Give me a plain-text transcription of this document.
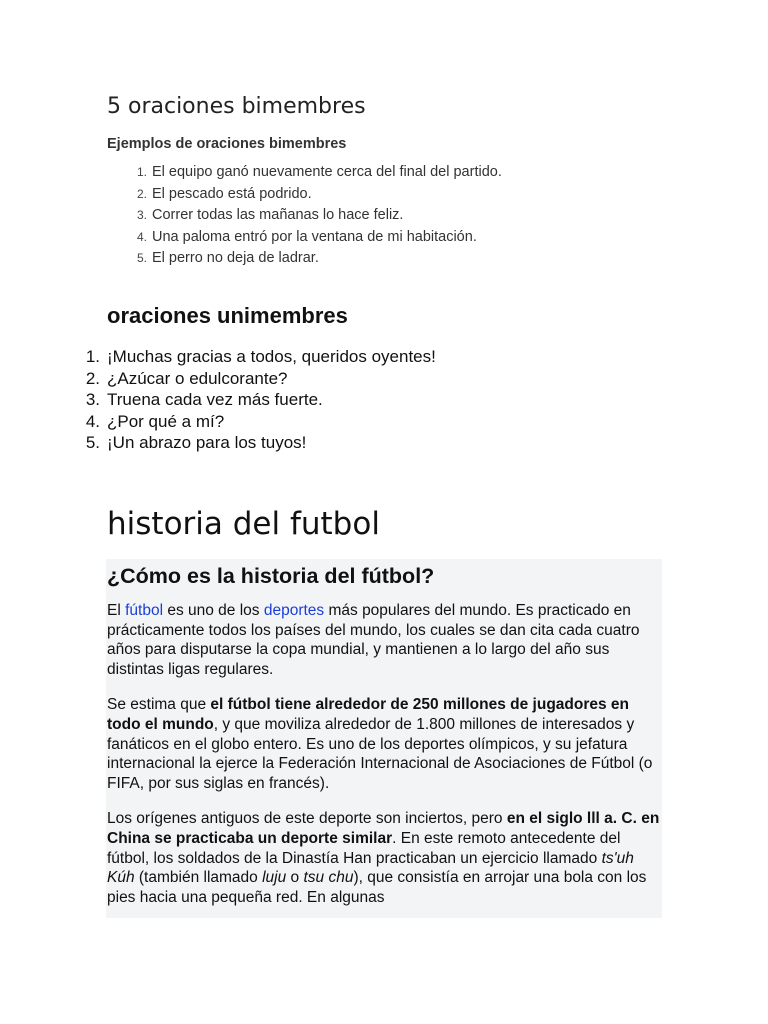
5 oraciones bimembres
Ejemplos de oraciones bimembres
1. El equipo ganó nuevamente cerca del final del partido.
2. El pescado está podrido.
3. Correr todas las mañanas lo hace feliz.
4. Una paloma entró por la ventana de mi habitación.
5. El perro no deja de ladrar.
oraciones unimembres
1. ¡Muchas gracias a todos, queridos oyentes!
2. ¿Azúcar o edulcorante?
3. Truena cada vez más fuerte.
4. ¿Por qué a mí?
5. ¡Un abrazo para los tuyos!
historia del futbol
¿Cómo es la historia del fútbol?

El fútbol es uno de los deportes más populares del mundo. Es practicado en prácticamente todos los países del mundo, los cuales se dan cita cada cuatro años para disputarse la copa mundial, y mantienen a lo largo del año sus distintas ligas regulares.

Se estima que el fútbol tiene alrededor de 250 millones de jugadores en todo el mundo, y que moviliza alrededor de 1.800 millones de interesados y fanáticos en el globo entero. Es uno de los deportes olímpicos, y su jefatura internacional la ejerce la Federación Internacional de Asociaciones de Fútbol (o FIFA, por sus siglas en francés).

Los orígenes antiguos de este deporte son inciertos, pero en el siglo lll a. C. en China se practicaba un deporte similar. En este remoto antecedente del fútbol, los soldados de la Dinastía Han practicaban un ejercicio llamado ts'uh Kúh (también llamado luju o tsu chu), que consistía en arrojar una bola con los pies hacia una pequeña red. En algunas
